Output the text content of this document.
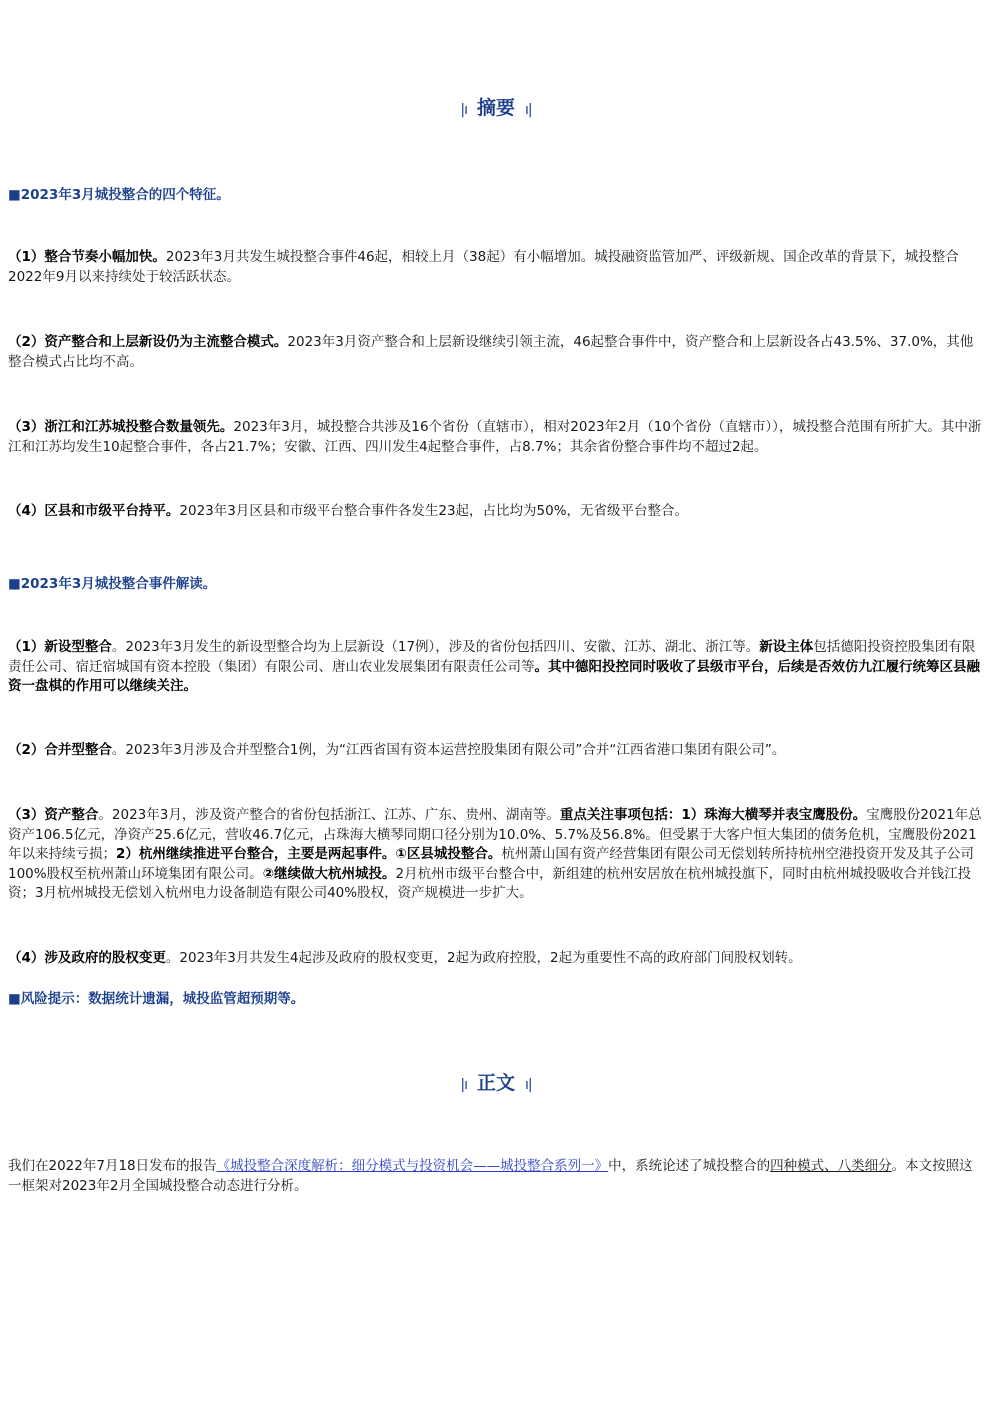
|ı 摘要 ı|
■2023年3月城投整合的四个特征。
（1）整合节奏小幅加快。2023年3月共发生城投整合事件46起，相较上月（38起）有小幅增加。城投融资监管加严、评级新规、国企改革的背景下，城投整合2022年9月以来持续处于较活跃状态。
（2）资产整合和上层新设仍为主流整合模式。2023年3月资产整合和上层新设继续引领主流，46起整合事件中，资产整合和上层新设各占43.5%、37.0%，其他整合模式占比均不高。
（3）浙江和江苏城投整合数量领先。2023年3月，城投整合共涉及16个省份（直辖市），相对2023年2月（10个省份（直辖市）），城投整合范围有所扩大。其中浙江和江苏均发生10起整合事件，各占21.7%；安徽、江西、四川发生4起整合事件，占8.7%；其余省份整合事件均不超过2起。
（4）区县和市级平台持平。2023年3月区县和市级平台整合事件各发生23起，占比均为50%，无省级平台整合。
■2023年3月城投整合事件解读。
（1）新设型整合。2023年3月发生的新设型整合均为上层新设（17例），涉及的省份包括四川、安徽、江苏、湖北、浙江等。新设主体包括德阳投资控股集团有限责任公司、宿迁宿城国有资本控股（集团）有限公司、唐山农业发展集团有限责任公司等。其中德阳投控同时吸收了县级市平台，后续是否效仿九江履行统筹区县融资一盘棋的作用可以继续关注。
（2）合并型整合。2023年3月涉及合并型整合1例，为“江西省国有资本运营控股集团有限公司”合并“江西省港口集团有限公司”。
（3）资产整合。2023年3月，涉及资产整合的省份包括浙江、江苏、广东、贵州、湖南等。重点关注事项包括：1）珠海大横琴并表宝鹰股份。宝鹰股份2021年总资产106.5亿元，净资产25.6亿元，营收46.7亿元，占珠海大横琴同期口径分别为10.0%、5.7%及56.8%。但受累于大客户恒大集团的债务危机，宝鹰股份2021年以来持续亏损；2）杭州继续推进平台整合，主要是两起事件。①区县城投整合。杭州萧山国有资产经营集团有限公司无偿划转所持杭州空港投资开发及其子公司100%股权至杭州萧山环境集团有限公司。②继续做大杭州城投。2月杭州市级平台整合中，新组建的杭州安居放在杭州城投旗下，同时由杭州城投吸收合并钱江投资；3月杭州城投无偿划入杭州电力设备制造有限公司40%股权，资产规模进一步扩大。
（4）涉及政府的股权变更。2023年3月共发生4起涉及政府的股权变更，2起为政府控股，2起为重要性不高的政府部门间股权划转。
■风险提示：数据统计遗漏，城投监管超预期等。
|ı 正文 ı|
我们在2022年7月18日发布的报告《城投整合深度解析：细分模式与投资机会——城投整合系列一》中，系统论述了城投整合的四种模式、八类细分。本文按照这一框架对2023年2月全国城投整合动态进行分析。
